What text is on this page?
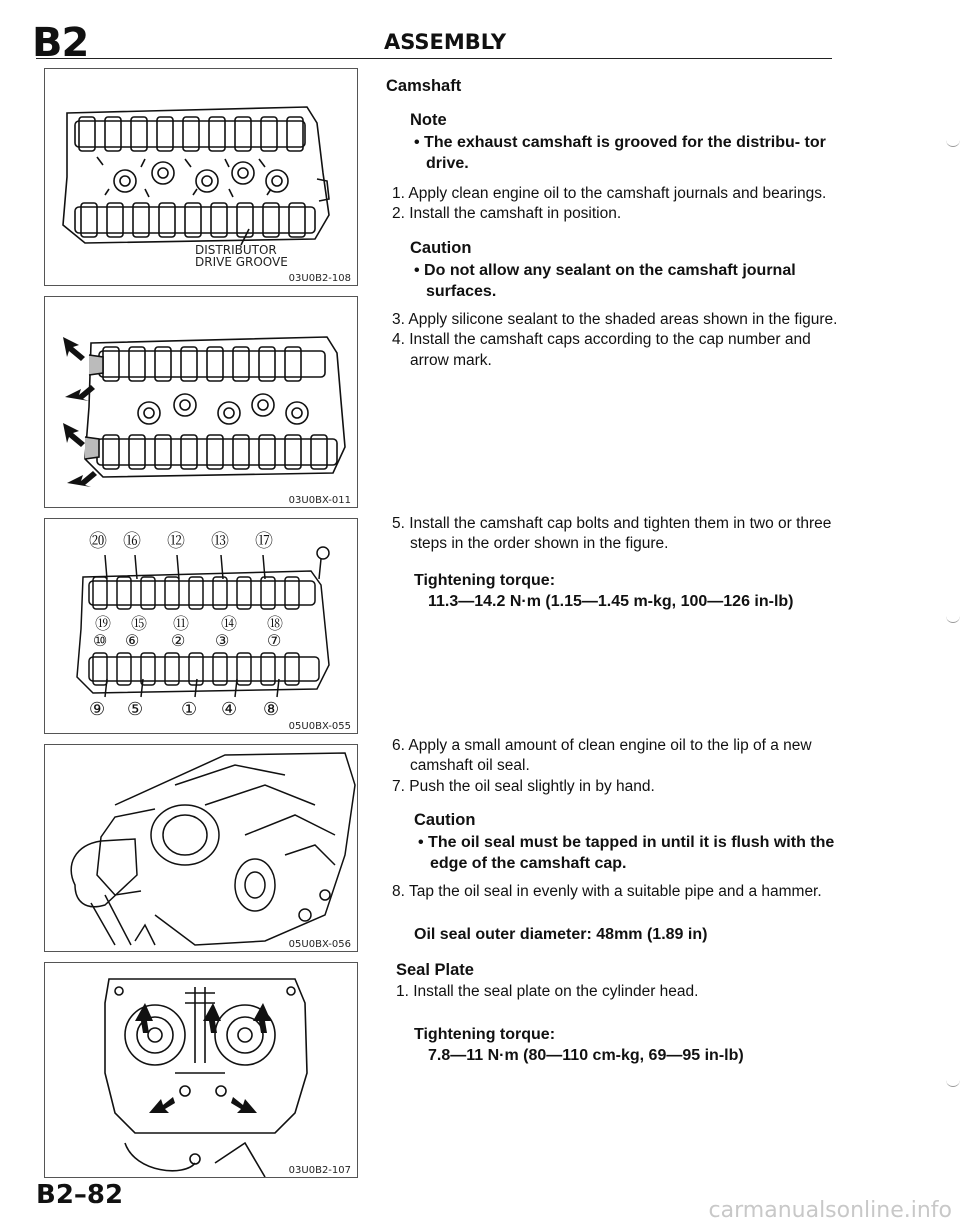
B2	ASSEMBLY
DISTRIBUTOR
DRIVE GROOVE
03U0B2-108
03U0BX-011
⑳ ⑯ ⑫ ⑬ ⑰
⑲ ⑮ ⑪ ⑭ ⑱
⑩ ⑥ ② ③ ⑦
⑨ ⑤ ① ④ ⑧
05U0BX-055
05U0BX-056
03U0B2-107
Camshaft
Note
• The exhaust camshaft is grooved for the distribu- tor drive.
1. Apply clean engine oil to the camshaft journals and bearings.
2. Install the camshaft in position.
Caution
• Do not allow any sealant on the camshaft journal surfaces.
3. Apply silicone sealant to the shaded areas shown in the figure.
4. Install the camshaft caps according to the cap number and arrow mark.
5. Install the camshaft cap bolts and tighten them in two or three steps in the order shown in the figure.
Tightening torque:
11.3—14.2 N·m (1.15—1.45 m-kg, 100—126 in-lb)
6. Apply a small amount of clean engine oil to the lip of a new camshaft oil seal.
7. Push the oil seal slightly in by hand.
Caution
• The oil seal must be tapped in until it is flush with the edge of the camshaft cap.
8. Tap the oil seal in evenly with a suitable pipe and a hammer.
Oil seal outer diameter: 48mm (1.89 in)
Seal Plate
1. Install the seal plate on the cylinder head.
Tightening torque:
7.8—11 N·m (80—110 cm-kg, 69—95 in-lb)
B2–82
carmanualsonline.info
